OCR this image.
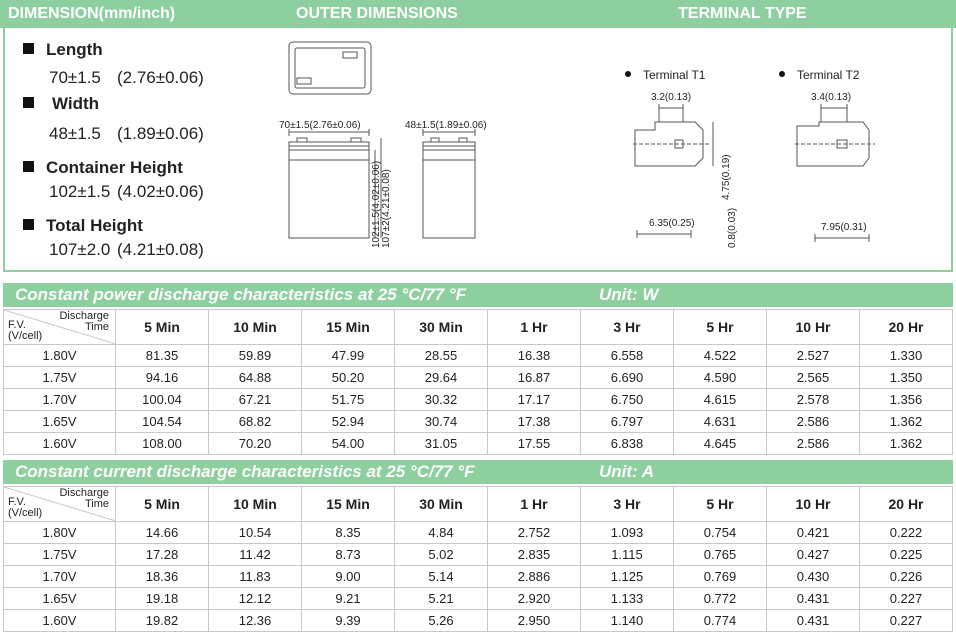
DIMENSION(mm/inch)	OUTER DIMENSIONS	TERMINAL TYPE
Length
70±1.5 (2.76±0.06)
Width
48±1.5 (1.89±0.06)
Container Height
102±1.5 (4.02±0.06)
Total Height
107±2.0 (4.21±0.08)
70±1.5(2.76±0.06)
102±1.5(4.02±0.06) 107±2(4.21±0.08)
48±1.5(1.89±0.06)
Terminal T1
3.2(0.13)
4.75(0.19)
6.35(0.25)	0.8(0.03)
Terminal T2
3.4(0.13)
7.95(0.31)
Constant power discharge characteristics at 25 °C/77 °F	Unit: W
Discharge
Time
F.V.
(V/cell)	5 Min	10 Min	15 Min	30 Min	1 Hr	3 Hr	5 Hr	10 Hr	20 Hr
1.80V	81.35	59.89	47.99	28.55	16.38	6.558	4.522	2.527	1.330
1.75V	94.16	64.88	50.20	29.64	16.87	6.690	4.590	2.565	1.350
1.70V	100.04	67.21	51.75	30.32	17.17	6.750	4.615	2.578	1.356
1.65V	104.54	68.82	52.94	30.74	17.38	6.797	4.631	2.586	1.362
1.60V	108.00	70.20	54.00	31.05	17.55	6.838	4.645	2.586	1.362
Constant current discharge characteristics at 25 °C/77 °F	Unit: A
Discharge
Time
F.V.
(V/cell)	5 Min	10 Min	15 Min	30 Min	1 Hr	3 Hr	5 Hr	10 Hr	20 Hr
1.80V	14.66	10.54	8.35	4.84	2.752	1.093	0.754	0.421	0.222
1.75V	17.28	11.42	8.73	5.02	2.835	1.115	0.765	0.427	0.225
1.70V	18.36	11.83	9.00	5.14	2.886	1.125	0.769	0.430	0.226
1.65V	19.18	12.12	9.21	5.21	2.920	1.133	0.772	0.431	0.227
1.60V	19.82	12.36	9.39	5.26	2.950	1.140	0.774	0.431	0.227
